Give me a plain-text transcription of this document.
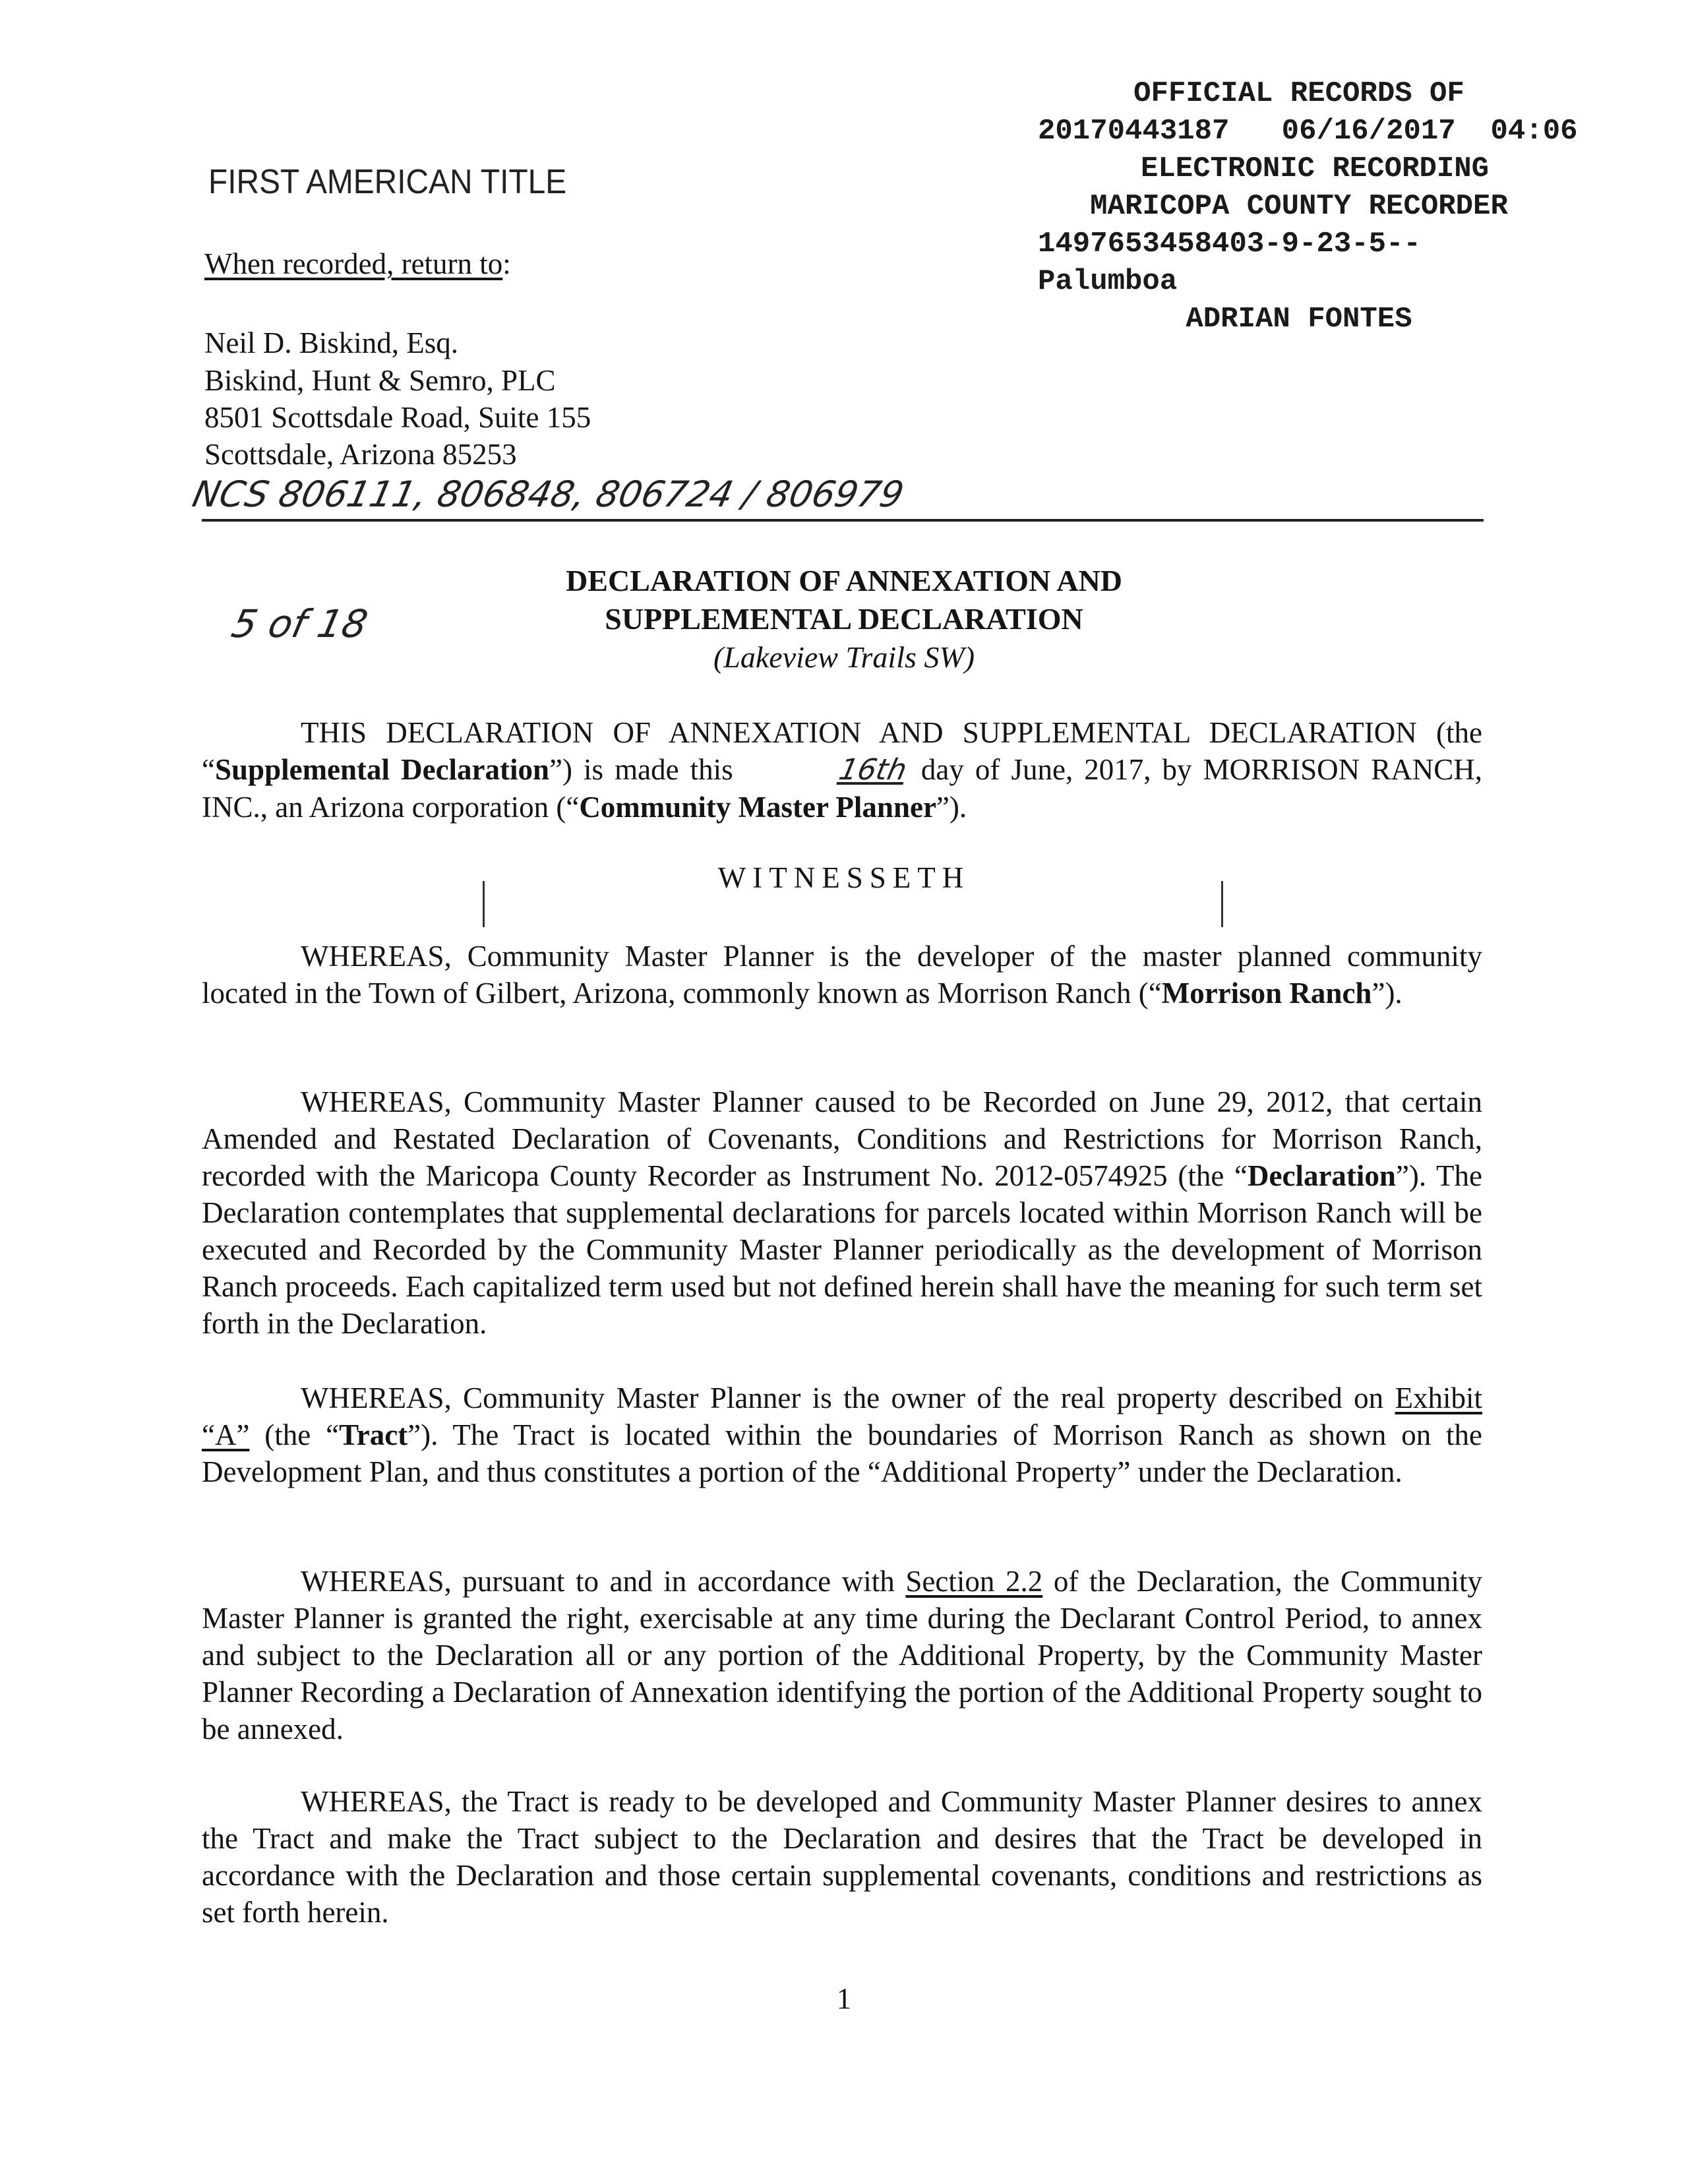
OFFICIAL RECORDS OF

MARICOPA COUNTY RECORDER

ADRIAN FONTES

20170443187   06/16/2017  04:06
ELECTRONIC RECORDING
1497653458403-9-23-5--
Palumboa
FIRST AMERICAN TITLE
When recorded, return to:
Neil D. Biskind, Esq.
Biskind, Hunt & Semro, PLC
8501 Scottsdale Road, Suite 155
Scottsdale, Arizona 85253
NCS 806111, 806848, 806724 / 806979
5 of 18
DECLARATION OF ANNEXATION AND
SUPPLEMENTAL DECLARATION
(Lakeview Trails SW)
THIS DECLARATION OF ANNEXATION AND SUPPLEMENTAL DECLARATION (the “Supplemental Declaration”) is made this	16th day of June, 2017, by MORRISON RANCH, INC., an Arizona corporation (“Community Master Planner”).
WITNESSETH
WHEREAS, Community Master Planner is the developer of the master planned community located in the Town of Gilbert, Arizona, commonly known as Morrison Ranch (“Morrison Ranch”).
WHEREAS, Community Master Planner caused to be Recorded on June 29, 2012, that certain Amended and Restated Declaration of Covenants, Conditions and Restrictions for Morrison Ranch, recorded with the Maricopa County Recorder as Instrument No. 2012-0574925 (the “Declaration”). The Declaration contemplates that supplemental declarations for parcels located within Morrison Ranch will be executed and Recorded by the Community Master Planner periodically as the development of Morrison Ranch proceeds. Each capitalized term used but not defined herein shall have the meaning for such term set forth in the Declaration.
WHEREAS, Community Master Planner is the owner of the real property described on Exhibit “A” (the “Tract”). The Tract is located within the boundaries of Morrison Ranch as shown on the Development Plan, and thus constitutes a portion of the “Additional Property” under the Declaration.
WHEREAS, pursuant to and in accordance with Section 2.2 of the Declaration, the Community Master Planner is granted the right, exercisable at any time during the Declarant Control Period, to annex and subject to the Declaration all or any portion of the Additional Property, by the Community Master Planner Recording a Declaration of Annexation identifying the portion of the Additional Property sought to be annexed.
WHEREAS, the Tract is ready to be developed and Community Master Planner desires to annex the Tract and make the Tract subject to the Declaration and desires that the Tract be developed in accordance with the Declaration and those certain supplemental covenants, conditions and restrictions as set forth herein.
1
